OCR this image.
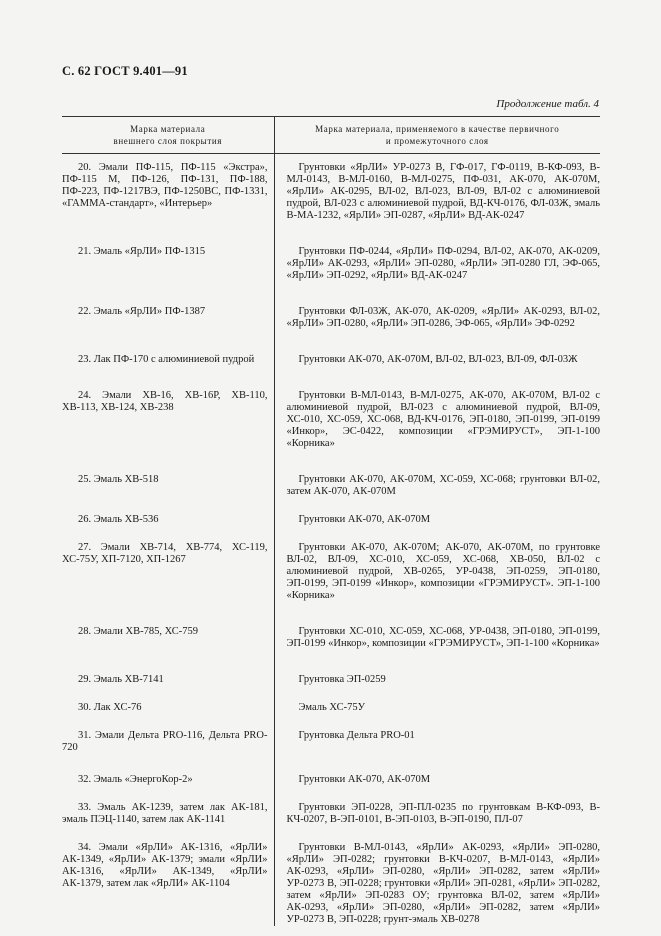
С. 62 ГОСТ 9.401—91
Продолжение табл. 4
Марка материала
внешнего слоя покрытия	Марка материала, применяемого в качестве первичного
и промежуточного слоя
20. Эмали ПФ-115, ПФ-115 «Экстра», ПФ-115 М, ПФ-126, ПФ-131, ПФ-188, ПФ-223, ПФ-1217ВЭ, ПФ-1250ВС, ПФ-1331, «ГАММА-стандарт», «Интерьер»	Грунтовки «ЯрЛИ» УР-0273 В, ГФ-017, ГФ-0119, В-КФ-093, В-МЛ-0143, В-МЛ-0160, В-МЛ-0275, ПФ-031, АК-070, АК-070М, «ЯрЛИ» АК-0295, ВЛ-02, ВЛ-023, ВЛ-09, ВЛ-02 с алюминиевой пудрой, ВЛ-023 с алюминиевой пудрой, ВД-КЧ-0176, ФЛ-03Ж, эмаль В-МА-1232, «ЯрЛИ» ЭП-0287, «ЯрЛИ» ВД-АК-0247
21. Эмаль «ЯрЛИ» ПФ-1315	Грунтовки ПФ-0244, «ЯрЛИ» ПФ-0294, ВЛ-02, АК-070, АК-0209, «ЯрЛИ» АК-0293, «ЯрЛИ» ЭП-0280, «ЯрЛИ» ЭП-0280 ГЛ, ЭФ-065, «ЯрЛИ» ЭП-0292, «ЯрЛИ» ВД-АК-0247
22. Эмаль «ЯрЛИ» ПФ-1387	Грунтовки ФЛ-03Ж, АК-070, АК-0209, «ЯрЛИ» АК-0293, ВЛ-02, «ЯрЛИ» ЭП-0280, «ЯрЛИ» ЭП-0286, ЭФ-065, «ЯрЛИ» ЭФ-0292
23. Лак ПФ-170 с алюминиевой пудрой	Грунтовки АК-070, АК-070М, ВЛ-02, ВЛ-023, ВЛ-09, ФЛ-03Ж
24. Эмали ХВ-16, ХВ-16Р, ХВ-110, ХВ-113, ХВ-124, ХВ-238	Грунтовки В-МЛ-0143, В-МЛ-0275, АК-070, АК-070М, ВЛ-02 с алюминиевой пудрой, ВЛ-023 с алюминиевой пудрой, ВЛ-09, ХС-010, ХС-059, ХС-068, ВД-КЧ-0176, ЭП-0180, ЭП-0199, ЭП-0199 «Инкор», ЭС-0422, композиции «ГРЭМИРУСТ», ЭП-1-100 «Корника»
25. Эмаль ХВ-518	Грунтовки АК-070, АК-070М, ХС-059, ХС-068; грунтовки ВЛ-02, затем АК-070, АК-070М
26. Эмаль ХВ-536	Грунтовки АК-070, АК-070М
27. Эмали ХВ-714, ХВ-774, ХС-119, ХС-75У, ХП-7120, ХП-1267	Грунтовки АК-070, АК-070М; АК-070, АК-070М, по грунтовке ВЛ-02, ВЛ-09, ХС-010, ХС-059, ХС-068, ХВ-050, ВЛ-02 с алюминиевой пудрой, ХВ-0265, УР-0438, ЭП-0259, ЭП-0180, ЭП-0199, ЭП-0199 «Инкор», композиции «ГРЭМИРУСТ». ЭП-1-100 «Корника»
28. Эмали ХВ-785, ХС-759	Грунтовки ХС-010, ХС-059, ХС-068, УР-0438, ЭП-0180, ЭП-0199, ЭП-0199 «Инкор», композиции «ГРЭМИРУСТ», ЭП-1-100 «Корника»
29. Эмаль ХВ-7141	Грунтовка ЭП-0259
30. Лак ХС-76	Эмаль ХС-75У
31. Эмали Дельта PRO-116, Дельта PRO-720	Грунтовка Дельта PRO-01
32. Эмаль «ЭнергоКор-2»	Грунтовки АК-070, АК-070М
33. Эмаль АК-1239, затем лак АК-181, эмаль ПЭЦ-1140, затем лак АК-1141	Грунтовки ЭП-0228, ЭП-ПЛ-0235 по грунтовкам В-КФ-093, В-КЧ-0207, В-ЭП-0101, В-ЭП-0103, В-ЭП-0190, ПЛ-07
34. Эмали «ЯрЛИ» АК-1316, «ЯрЛИ» АК-1349, «ЯрЛИ» АК-1379; эмали «ЯрЛИ» АК-1316, «ЯрЛИ» АК-1349, «ЯрЛИ» АК-1379, затем лак «ЯрЛИ» АК-1104	Грунтовки В-МЛ-0143, «ЯрЛИ» АК-0293, «ЯрЛИ» ЭП-0280, «ЯрЛИ» ЭП-0282; грунтовки В-КЧ-0207, В-МЛ-0143, «ЯрЛИ» АК-0293, «ЯрЛИ» ЭП-0280, «ЯрЛИ» ЭП-0282, затем «ЯрЛИ» УР-0273 В, ЭП-0228; грунтовки «ЯрЛИ» ЭП-0281, «ЯрЛИ» ЭП-0282, затем «ЯрЛИ» ЭП-0283 ОУ; грунтовка ВЛ-02, затем «ЯрЛИ» АК-0293, «ЯрЛИ» ЭП-0280, «ЯрЛИ» ЭП-0282, затем «ЯрЛИ» УР-0273 В, ЭП-0228; грунт-эмаль ХВ-0278
